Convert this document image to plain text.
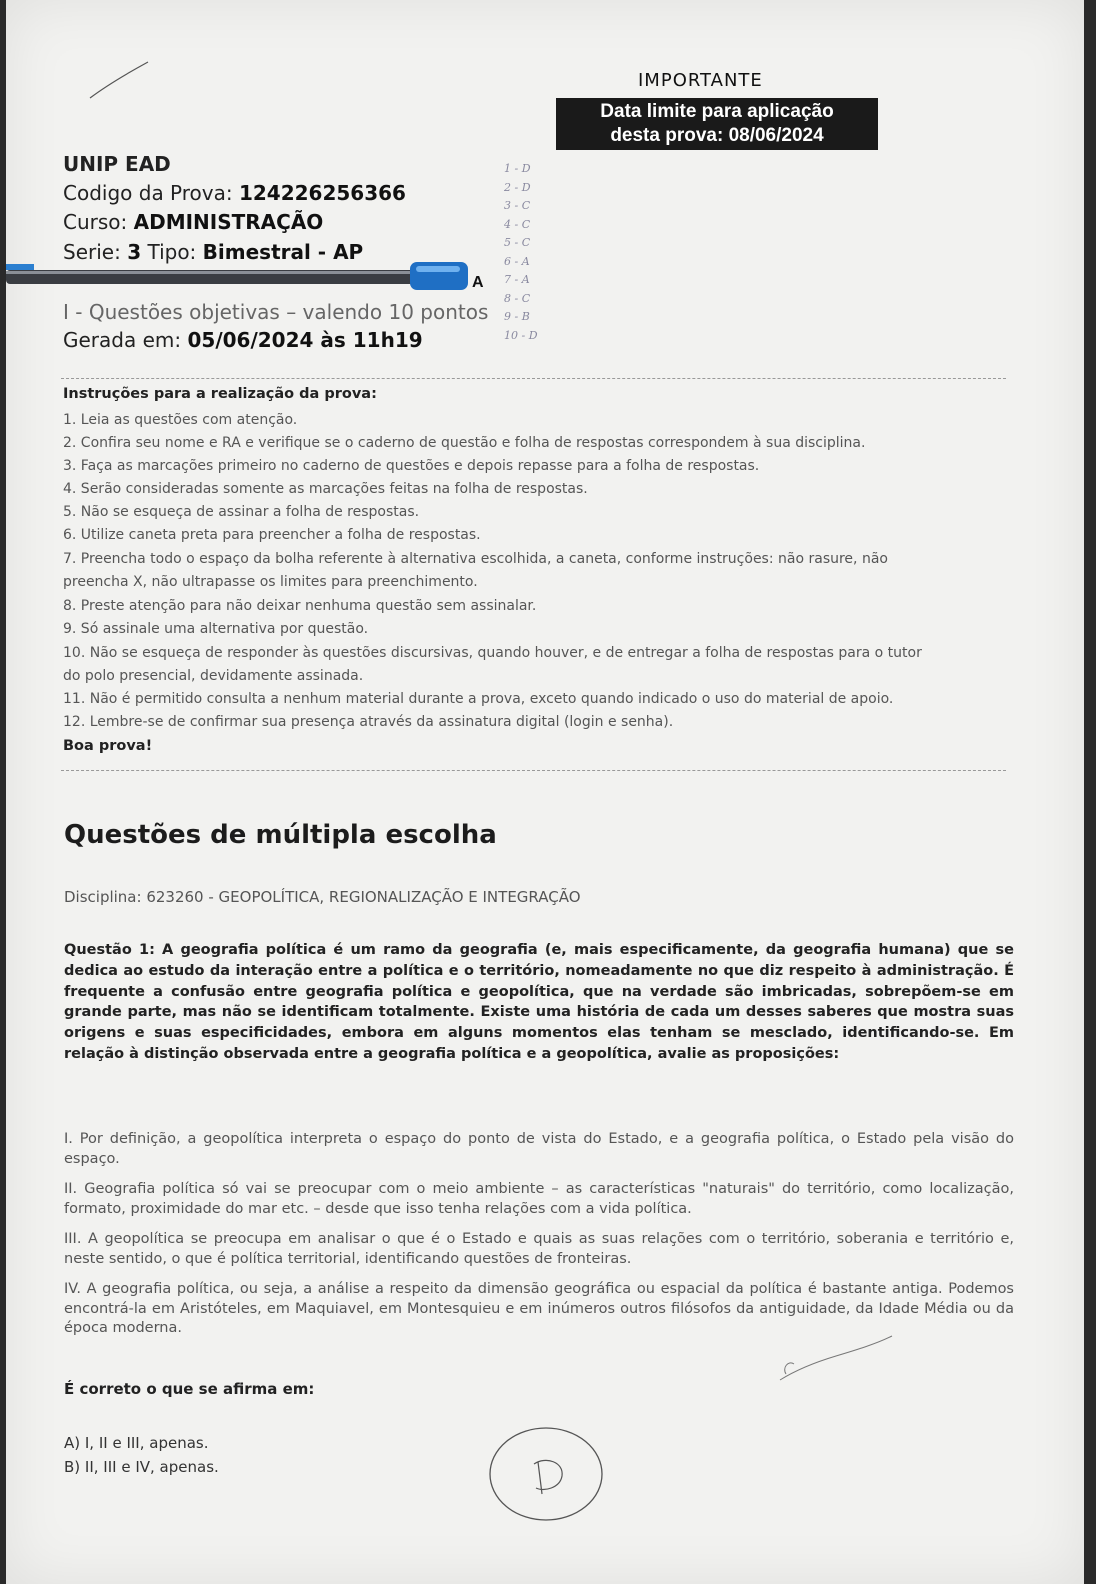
IMPORTANTE
Data limite para aplicação
desta prova: 08/06/2024
UNIP EAD
Codigo da Prova: 124226256366
Curso: ADMINISTRAÇÃO
Serie: 3 Tipo: Bimestral - AP
I - Questões objetivas – valendo 10 pontos
Gerada em: 05/06/2024 às 11h19
A
1 - D
2 - D
3 - C
4 - C
5 - C
6 - A
7 - A
8 - C
9 - B
10 - D
Instruções para a realização da prova:
1. Leia as questões com atenção.
2. Confira seu nome e RA e verifique se o caderno de questão e folha de respostas correspondem à sua disciplina.
3. Faça as marcações primeiro no caderno de questões e depois repasse para a folha de respostas.
4. Serão consideradas somente as marcações feitas na folha de respostas.
5. Não se esqueça de assinar a folha de respostas.
6. Utilize caneta preta para preencher a folha de respostas.
7. Preencha todo o espaço da bolha referente à alternativa escolhida, a caneta, conforme instruções: não rasure, não
preencha X, não ultrapasse os limites para preenchimento.
8. Preste atenção para não deixar nenhuma questão sem assinalar.
9. Só assinale uma alternativa por questão.
10. Não se esqueça de responder às questões discursivas, quando houver, e de entregar a folha de respostas para o tutor
do polo presencial, devidamente assinada.
11. Não é permitido consulta a nenhum material durante a prova, exceto quando indicado o uso do material de apoio.
12. Lembre-se de confirmar sua presença através da assinatura digital (login e senha).
Boa prova!
Questões de múltipla escolha
Disciplina: 623260 - GEOPOLÍTICA, REGIONALIZAÇÃO E INTEGRAÇÃO
Questão 1: A geografia política é um ramo da geografia (e, mais especificamente, da geografia humana) que se dedica ao estudo da interação entre a política e o território, nomeadamente no que diz respeito à administração. É frequente a confusão entre geografia política e geopolítica, que na verdade são imbricadas, sobrepõem-se em grande parte, mas não se identificam totalmente. Existe uma história de cada um desses saberes que mostra suas origens e suas especificidades, embora em alguns momentos elas tenham se mesclado, identificando-se. Em relação à distinção observada entre a geografia política e a geopolítica, avalie as proposições:
I. Por definição, a geopolítica interpreta o espaço do ponto de vista do Estado, e a geografia política, o Estado pela visão do espaço.
II. Geografia política só vai se preocupar com o meio ambiente – as características "naturais" do território, como localização, formato, proximidade do mar etc. – desde que isso tenha relações com a vida política.
III. A geopolítica se preocupa em analisar o que é o Estado e quais as suas relações com o território, soberania e território e, neste sentido, o que é política territorial, identificando questões de fronteiras.
IV. A geografia política, ou seja, a análise a respeito da dimensão geográfica ou espacial da política é bastante antiga. Podemos encontrá-la em Aristóteles, em Maquiavel, em Montesquieu e em inúmeros outros filósofos da antiguidade, da Idade Média ou da época moderna.
É correto o que se afirma em:
A) I, II e III, apenas.
B) II, III e IV, apenas.
